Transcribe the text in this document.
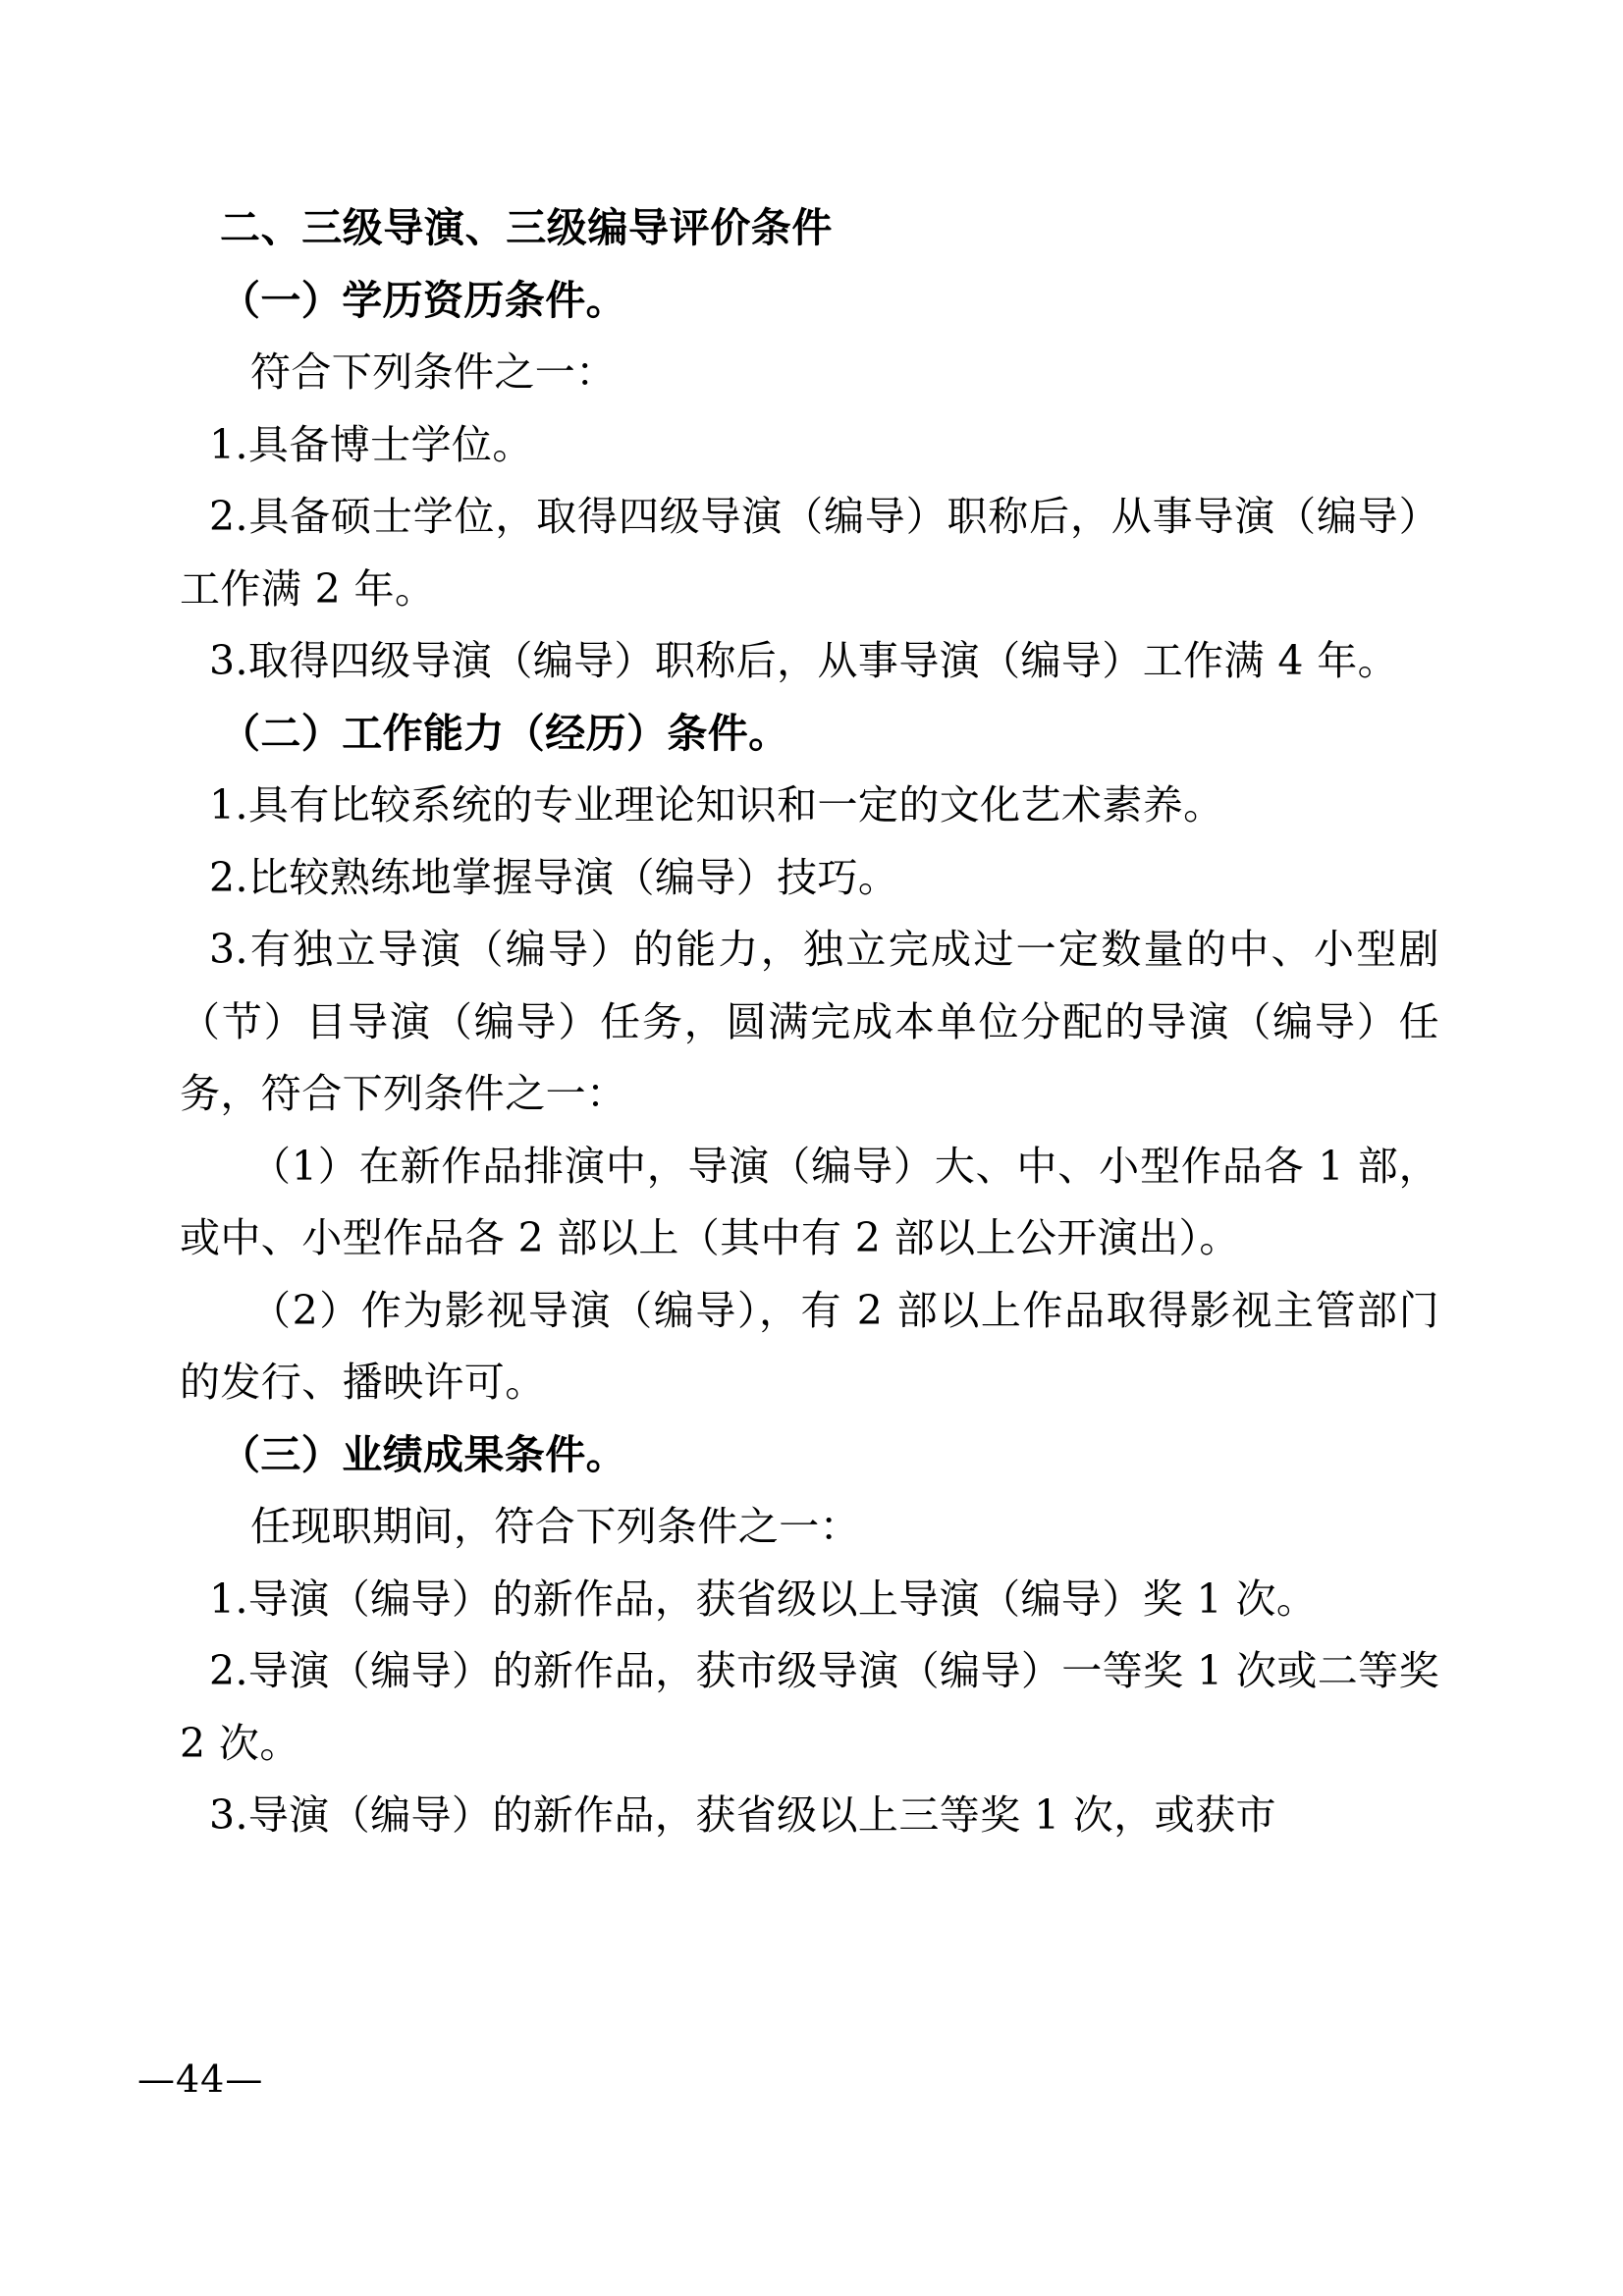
二、三级导演、三级编导评价条件

（一）学历资历条件。

符合下列条件之一：

1.具备博士学位。

2.具备硕士学位，取得四级导演（编导）职称后，从事导演（编导）工作满 2 年。

3.取得四级导演（编导）职称后，从事导演（编导）工作满 4 年。

（二）工作能力（经历）条件。

1.具有比较系统的专业理论知识和一定的文化艺术素养。

2.比较熟练地掌握导演（编导）技巧。

3.有独立导演（编导）的能力，独立完成过一定数量的中、小型剧（节）目导演（编导）任务，圆满完成本单位分配的导演（编导）任务，符合下列条件之一：

（1）在新作品排演中，导演（编导）大、中、小型作品各 1 部，或中、小型作品各 2 部以上（其中有 2 部以上公开演出）。

（2）作为影视导演（编导），有 2 部以上作品取得影视主管部门的发行、播映许可。

（三）业绩成果条件。

任现职期间，符合下列条件之一：

1.导演（编导）的新作品，获省级以上导演（编导）奖 1 次。

2.导演（编导）的新作品，获市级导演（编导）一等奖 1 次或二等奖 2 次。

3.导演（编导）的新作品，获省级以上三等奖 1 次，或获市

—44—
